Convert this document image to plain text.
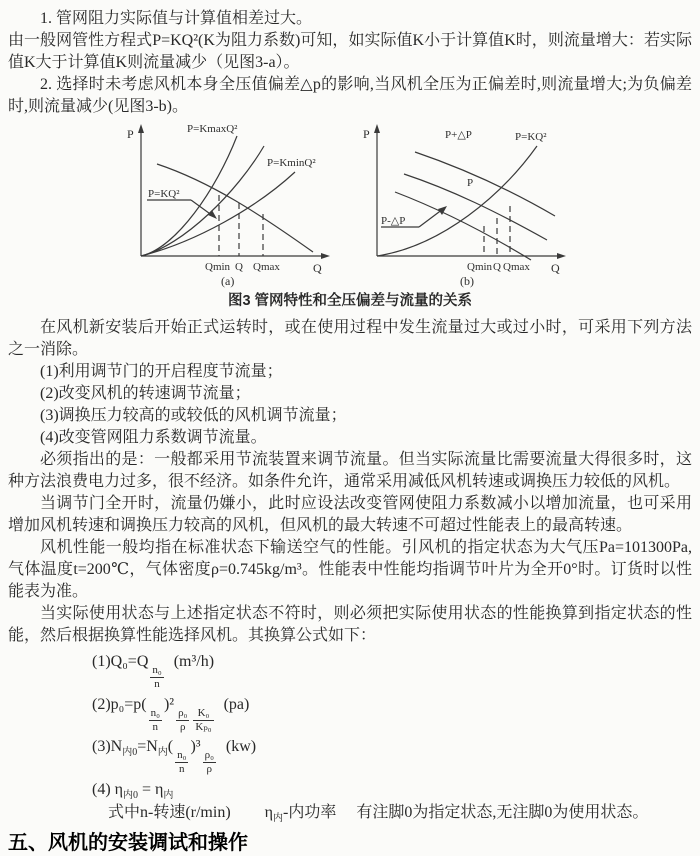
1. 管网阻力实际值与计算值相差过大。

由一般网管性方程式P=KQ²(K为阻力系数)可知，如实际值K小于计算值K时，则流量增大：若实际值K大于计算值K则流量减少（见图3-a）。

2. 选择时未考虑风机本身全压值偏差△p的影响,当风机全压为正偏差时,则流量增大;为负偏差时,则流量减少(见图3-b)。

P
Q
P=KmaxQ²
P=KminQ²
P=KQ²
Qmin Q Qmax
(a)
P
Q
P+△P
P
P-△P
P=KQ²
Qmin Q Qmax
(b)
图3 管网特性和全压偏差与流量的关系

在风机新安装后开始正式运转时，或在使用过程中发生流量过大或过小时，可采用下列方法之一消除。

(1)利用调节门的开启程度节流量；

(2)改变风机的转速调节流量；

(3)调换压力较高的或较低的风机调节流量；

(4)改变管网阻力系数调节流量。

必须指出的是：一般都采用节流装置来调节流量。但当实际流量比需要流量大得很多时，这种方法浪费电力过多，很不经济。如条件允许，通常采用减低风机转速或调换压力较低的风机。

当调节门全开时，流量仍嫌小，此时应设法改变管网使阻力系数减小以增加流量，也可采用增加风机转速和调换压力较高的风机，但风机的最大转速不可超过性能表上的最高转速。

风机性能一般均指在标准状态下输送空气的性能。引风机的指定状态为大气压Pa=101300Pa,气体温度t=200℃，气体密度ρ=0.745kg/m³。性能表中性能均指调节叶片为全开0°时。订货时以性能表为准。

当实际使用状态与上述指定状态不符时，则必须把实际使用状态的性能换算到指定状态的性能，然后根据换算性能选择风机。其换算公式如下：

(1)Q₀=Q
$\frac{\text{n₀}}{n}$
(m³/h)
(2)p₀=p(
$\frac{\text{n₀}}{n}$
)²
$\frac{\text{ρ₀}}{\rho} \frac{\text{K₀}}{\text{Kₚ₀}}$
(pa)
$(3)N_{内0}=N_内$(
$\frac{\text{n₀}}{n}$
)³
$\frac{\text{ρ₀}}{\rho}$
(kw)
(4) $\eta_{内0} = \eta_内$

式中n-转速(r/min) $\eta_内-$内功率 有注脚0为指定状态,无注脚0为使用状态。

五、风机的安装调试和操作
